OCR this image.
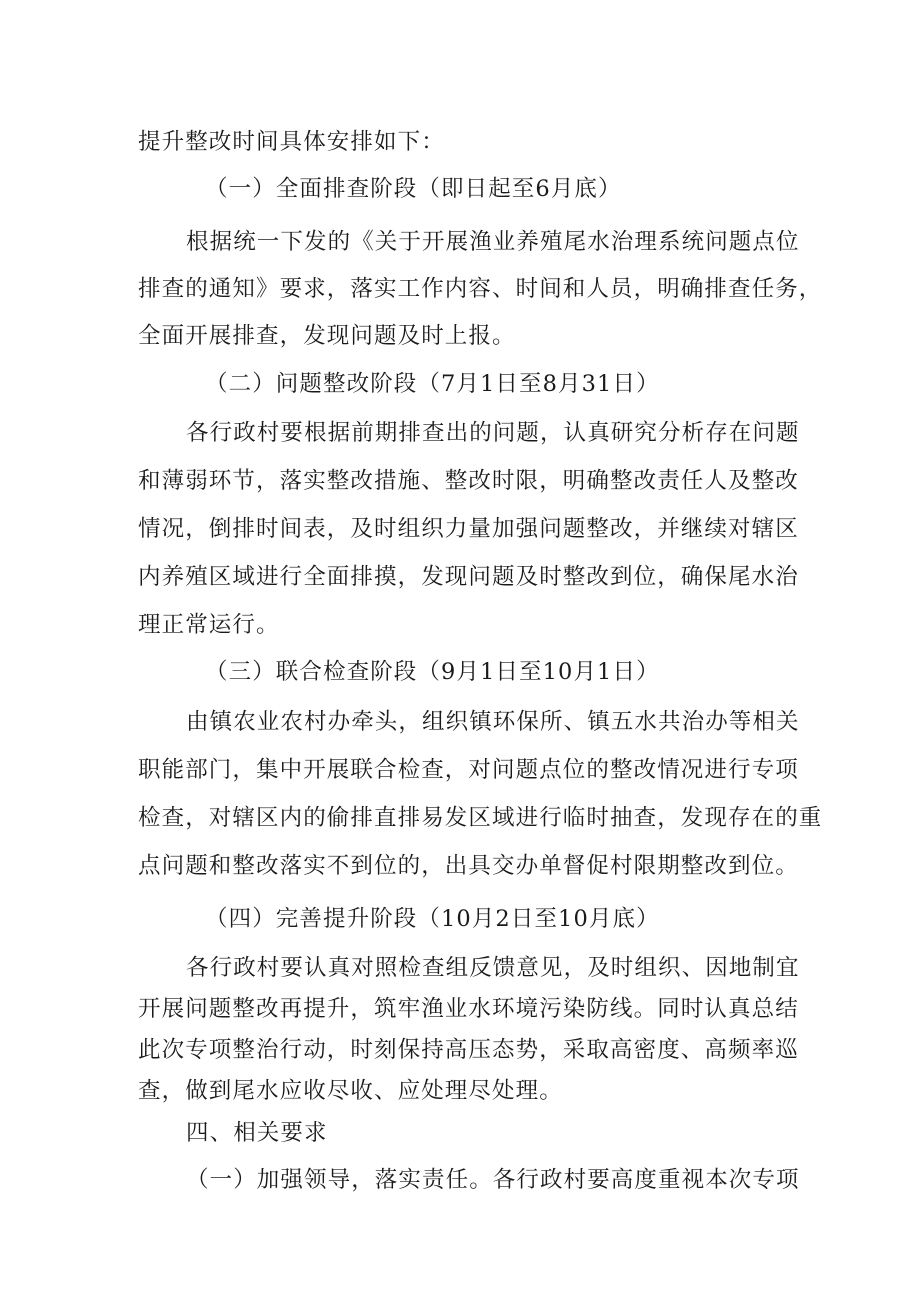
提升整改时间具体安排如下：
（一）全面排查阶段（即日起至6月底）
根据统一下发的《关于开展渔业养殖尾水治理系统问题点位
排查的通知》要求，落实工作内容、时间和人员，明确排查任务，
全面开展排查，发现问题及时上报。
（二）问题整改阶段（7月1日至8月31日）
各行政村要根据前期排查出的问题，认真研究分析存在问题
和薄弱环节，落实整改措施、整改时限，明确整改责任人及整改
情况，倒排时间表，及时组织力量加强问题整改，并继续对辖区
内养殖区域进行全面排摸，发现问题及时整改到位，确保尾水治
理正常运行。
（三）联合检查阶段（9月1日至10月1日）
由镇农业农村办牵头，组织镇环保所、镇五水共治办等相关
职能部门，集中开展联合检查，对问题点位的整改情况进行专项
检查，对辖区内的偷排直排易发区域进行临时抽查，发现存在的重
点问题和整改落实不到位的，出具交办单督促村限期整改到位。
（四）完善提升阶段（10月2日至10月底）
各行政村要认真对照检查组反馈意见，及时组织、因地制宜
开展问题整改再提升，筑牢渔业水环境污染防线。同时认真总结
此次专项整治行动，时刻保持高压态势，采取高密度、高频率巡
查，做到尾水应收尽收、应处理尽处理。
四、相关要求
（一）加强领导，落实责任。各行政村要高度重视本次专项
